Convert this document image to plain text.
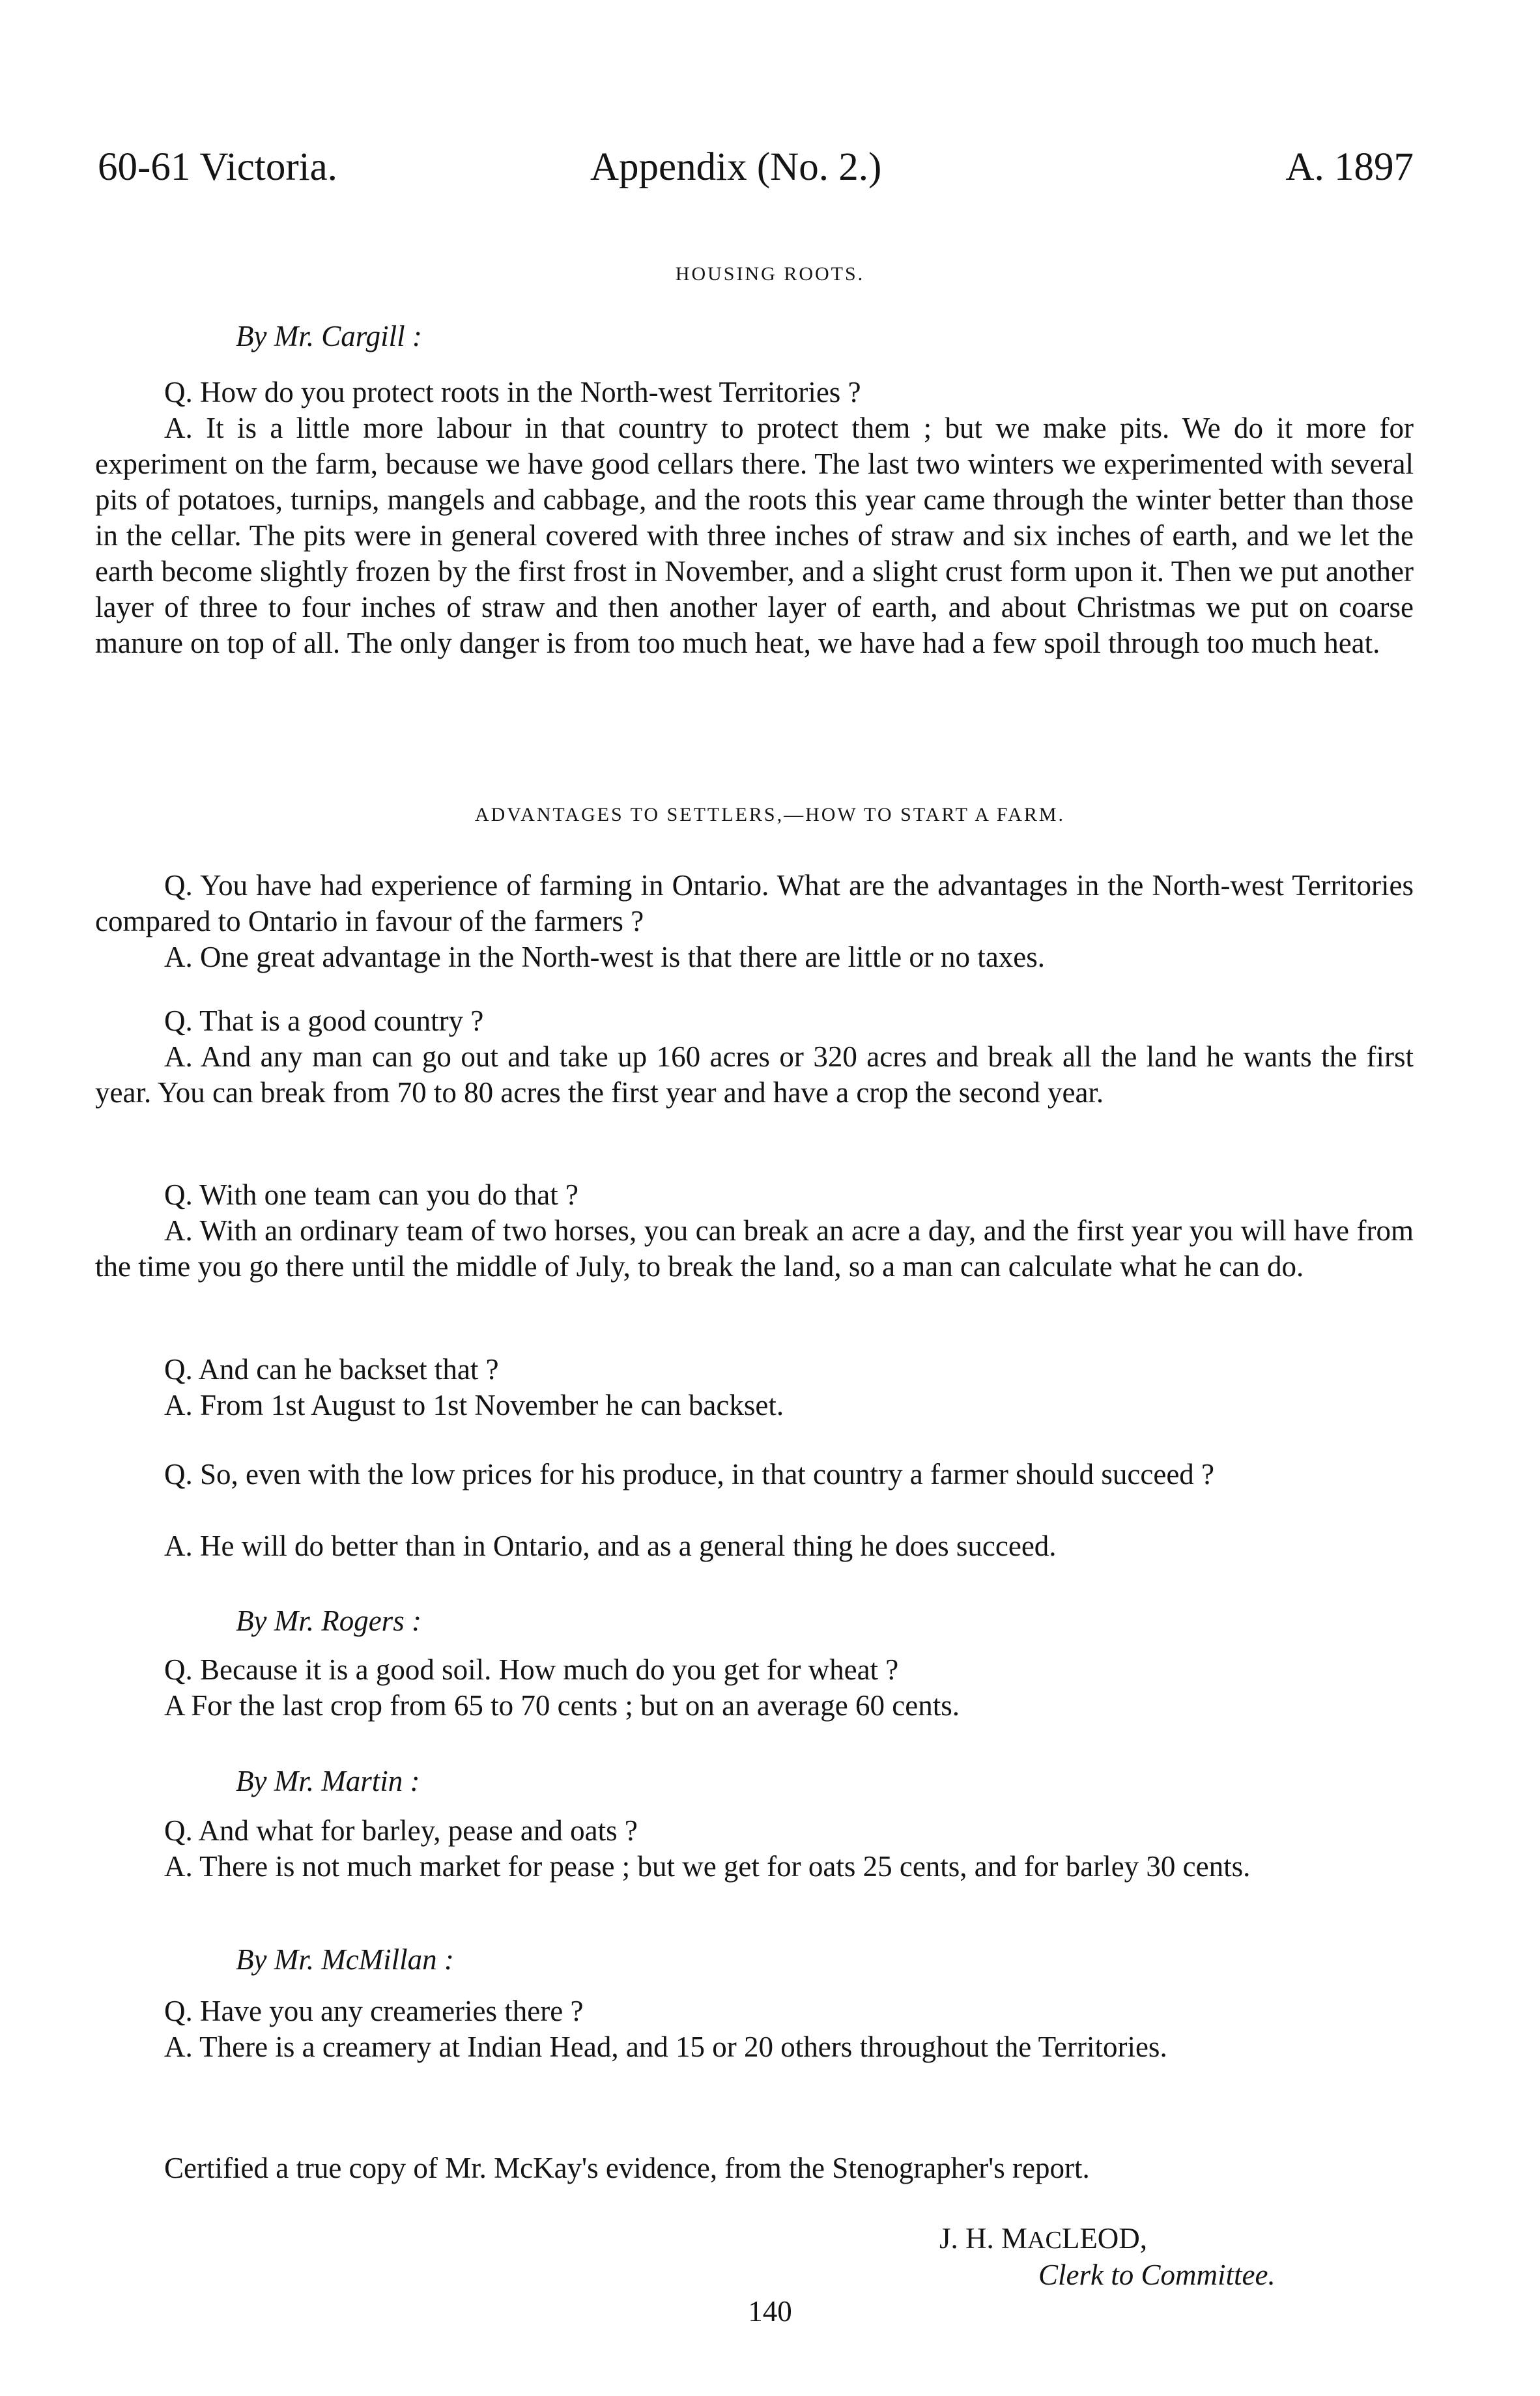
60-61 Victoria.	Appendix (No. 2.)	A. 1897
HOUSING ROOTS.
By Mr. Cargill :

Q. How do you protect roots in the North-west Territories ?

A. It is a little more labour in that country to protect them ; but we make pits. We do it more for experiment on the farm, because we have good cellars there. The last two winters we experimented with several pits of potatoes, turnips, mangels and cabbage, and the roots this year came through the winter better than those in the cellar. The pits were in general covered with three inches of straw and six inches of earth, and we let the earth become slightly frozen by the first frost in November, and a slight crust form upon it. Then we put another layer of three to four inches of straw and then another layer of earth, and about Christmas we put on coarse manure on top of all. The only danger is from too much heat, we have had a few spoil through too much heat.

ADVANTAGES TO SETTLERS,—HOW TO START A FARM.

Q. You have had experience of farming in Ontario. What are the advantages in the North-west Territories compared to Ontario in favour of the farmers ?

A. One great advantage in the North-west is that there are little or no taxes.

Q. That is a good country ?

A. And any man can go out and take up 160 acres or 320 acres and break all the land he wants the first year. You can break from 70 to 80 acres the first year and have a crop the second year.

Q. With one team can you do that ?

A. With an ordinary team of two horses, you can break an acre a day, and the first year you will have from the time you go there until the middle of July, to break the land, so a man can calculate what he can do.

Q. And can he backset that ?

A. From 1st August to 1st November he can backset.

Q. So, even with the low prices for his produce, in that country a farmer should succeed ?

A. He will do better than in Ontario, and as a general thing he does succeed.

By Mr. Rogers :

Q. Because it is a good soil. How much do you get for wheat ?

A For the last crop from 65 to 70 cents ; but on an average 60 cents.

By Mr. Martin :

Q. And what for barley, pease and oats ?

A. There is not much market for pease ; but we get for oats 25 cents, and for barley 30 cents.

By Mr. McMillan :

Q. Have you any creameries there ?

A. There is a creamery at Indian Head, and 15 or 20 others throughout the Territories.

Certified a true copy of Mr. McKay's evidence, from the Stenographer's report.
J. H. MACLEOD,
Clerk to Committee.
140
